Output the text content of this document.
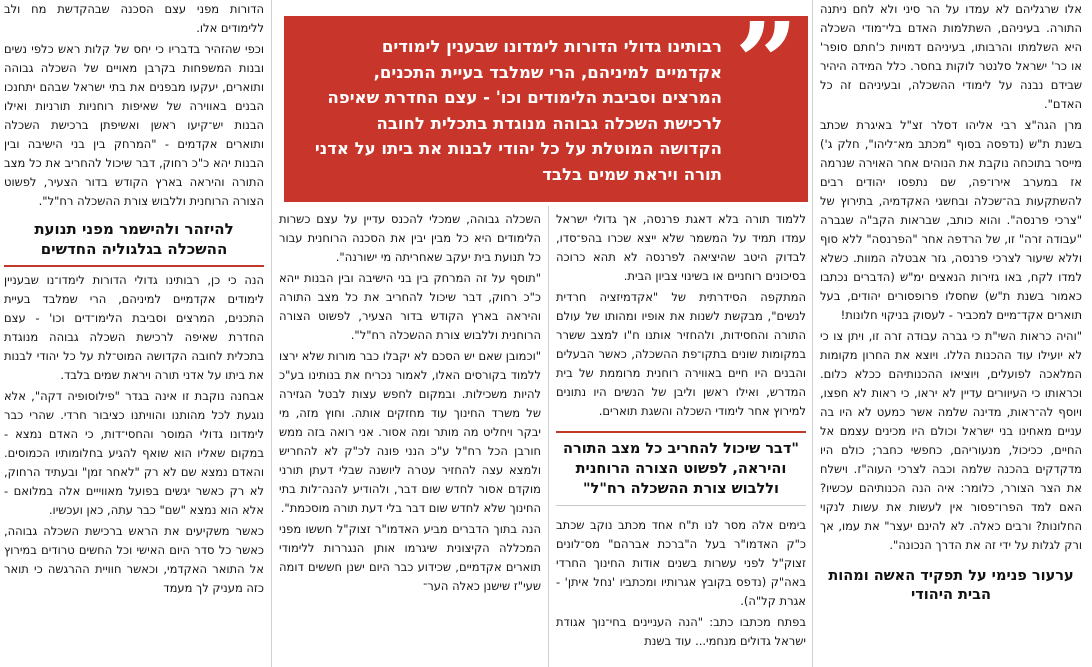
אלו שרגליהם לא עמדו על הר סיני ולא לחם ניתנה התורה. בעיניהם, השתלמות האדם בלי־מודי השכלה היא השלמתו והרבותו, בעיניהם דמויות כ'חתם סופר' או כר' ישראל סלנטר לוקות בחסר. כלל המידה היהיר שבידם נבנה על לימודי ההשכלה, ובעיניהם זה כל האדם".

מרן הגה"צ רבי אליהו דסלר זצ"ל באיגרת שכתב בשנת ת"ש (נדפסה בסוף "מכתב מא־ליהו", חלק ג') מייסר בתוכחה נוקבת את הנוהים אחר האוירה שנרמה אז במערב אירו־פה, שם נתפסו יהודים רבים להשתקעות בה־שכלה ובחשגי האקדמיה, בתירוץ של "צרכי פרנסה". והוא כותב, שבראות הקב"ה שגברה "עבודה זרה" זו, של הרדפה אחר "הפרנסה" ללא סוף וללא שיעור לצרכי פרנסה, גזר אבטלה המוות. כשלא למדו לקח, באו גזירות הנאצים ימ"ש (הדברים נכתבו כאמור בשנת ת"ש) שחסלו פרופסורים יהודים, בעל תוארים אקד־מיים למכביר - לעסוק בניקוי חלונות!

"והיה כראות השי"ת כי גברה עבודה זרה זו, ויתן צו כי לא יועילו עוד ההכנות הללו. ויוצא את החרון מקומות המלאכה לפועלים, ויוציאו ההכנותיהם ככלא כלום. וכראותו כי העיוורים עדיין לא יראו, כי ראות לא חפצו, ויוסף לה־ראות, מדינה שלמה אשר כמעט לא היו בה עניים מאחינו בני ישראל וכולם היו מכינים עצמם אל החיים, ככיכול, מנעוריהם, כחפשי כחבר; כולם היו מדקדקים בהכנה שלמה וכבה לצרכי העוה"ז. וישלח את הצר הצורר, כלומר: איה הנה הכנותיהם עכשיו? האם למד הפרו־פסור אין לעשות את עשות לנקוי החלונות? ורבים כאלה. לא להינם יעצר" את עמו, אך ורק לגלות על ידי זה את הדרך הנכונה".

ערעור פנימי על תפקיד האשה ומהות הבית היהודי
”
רבותינו גדולי הדורות לימדונו שבענין לימודים אקדמיים למיניהם, הרי שמלבד בעיית התכנים, המרצים וסביבת הלימודים וכו' - עצם החדרת שאיפה לרכישת השכלה גבוהה מנוגדת בתכלית לחובה הקדושה המוטלת על כל יהודי לבנות את ביתו על אדני תורה ויראת שמים בלבד

ללמוד תורה בלא דאגת פרנסה, אך גדולי ישראל עמדו תמיד על המשמר שלא ייצא שכרו בהפ־סדו, לבדוק היטב שהיציאה לפרנסה לא תהא כרוכה בסיכונים רוחניים או בשינוי צביון הבית.

המתקפה הסידרתית של "אקדמיזציה חרדית לנשים", מבקשת לשנות את אופיו ומהותו של עולם התורה והחסידות, ולהחזיר אותנו ח"ו למצב ששרר במקומות שונים בתקו־פת ההשכלה, כאשר הבעלים והבנים היו חיים באווירה רוחנית מרוממת של בית המדרש, ואילו ראשן וליבן של הנשים היו נתונים למירוץ אחר לימודי השכלה והשגת תוארים.

"דבר שיכול להחריב כל מצב התורה והיראה, לפשוט הצורה הרוחנית וללבוש צורת ההשכלה רח"ל"

בימים אלה מסר לנו ת"ח אחד מכתב נוקב שכתב כ"ק האדמו"ר בעל ה"ברכת אברהם" מס־לונים זצוק"ל לפני עשרות בשנים אודות החינוך החרדי באה"ק (נדפס בקובץ אגרותיו ומכתביו 'נחל איתן' - אגרת קל"ה).

בפתח מכתבו כתב: "הנה העניינים בחי־נוך אגודת ישראל גדולים מנחמי... עוד בשנת

השכלה גבוהה, שמכלי להכנס עדיין על עצם כשרות הלימודים היא כל מבין יבין את הסכנה הרוחנית עבור כל תנועת בית יעקב שאחריתה מי ישורנה".

"תוסף על זה המרחק בין בני הישיבה ובין הבנות ייהא כ"כ רחוק, דבר שיכול להחריב את כל מצב התורה והיראה בארץ הקודש בדור הצעיר, לפשוט הצורה הרוחנית וללבוש צורת ההשכלה רח"ל".

"וכמובן שאם יש הסכם לא יקבלו כבר מורות שלא ירצו ללמוד בקורסים האלו, לאמור נכריח את בנותינו בע"כ להיות משכילות. ובמקום לחפש עצות לבטל הגזירה של משרד החינוך עוד מחזקים אותה. וחוץ מזה, מי יבקר ויחליט מה מותר ומה אסור. אני רואה בזה ממש חורבן הכל רח"ל ע"כ הנני פונה לכ"ק לא להחריש ולמצא עצה להחזיר עטרה ליושנה שבלי דעתן תורני מוקדם אסור לחדש שום דבר, ולהודיע להנה־לות בתי החינוך שלא לחדש שום דבר בלי דעת תורה מוסכמת".

הנה בתוך הדברים מביע האדמו"ר זצוק"ל חששו מפני המכללה הקיצונית שיגרמו אותן הנגררות ללימודי תוארים אקדמיים, שכידוע כבר היום ישנן חששים דומה שעי"ז שישנן כאלה הער־

הדורות מפני עצם הסכנה שבהקדשת מח ולב ללימודים אלו.

וכפי שהזהיר בדבריו כי יחס של קלות ראש כלפי נשים ובנות המשפחות בקרבן מאויים של השכלה גבוהה ותוארים, יעקעו מבפנים את בתי ישראל שבהם יתחנכו הבנים באווירה של שאיפות רוחניות תורניות ואילו הבנות יש־קיעו ראשן ואשיפתן ברכישת השכלה ותוארים אקדמים - "המרחק בין בני הישיבה ובין הבנות יהא כ"כ רחוק, דבר שיכול להחריב את כל מצב התורה והיראה בארץ הקודש בדור הצעיר, לפשוט הצורה הרוחנית וללבוש צורת ההשכלה רח"ל".

להיזהר ולהישמר מפני תנועת ההשכלה בגלגוליה החדשים

הנה כי כן, רבותינו גדולי הדורות לימדו־נו שבעניין לימודים אקדמיים למיניהם, הרי שמלבד בעיית התכנים, המרצים וסביבת הלימו־דים וכו' - עצם החדרת שאיפה לרכישת השכלה גבוהה מנוגדת בתכלית לחובה הקדושה המוט־לת על כל יהודי לבנות את ביתו על אדני תורה ויראת שמים בלבד.

אבחנה נוקבת זו אינה בגדר "פילוסופיה דקה", אלא נוגעת לכל מהותנו והוויתנו כציבור חרדי. שהרי כבר לימדונו גדולי המוסר והחסי־דות, כי האדם נמצא - במקום שאליו הוא שואף להגיע בחלומותיו הכמוסים. והאדם נמצא שם לא רק "לאחר זמן" ובעתיד הרחוק, לא רק כאשר יגשים בפועל מאווייים אלה במלואם - אלא הוא נמצא "שם" כבר עתה, כאן ועכשיו.

כאשר משקיעים את הראש ברכישת השכלה גבוהה, כאשר כל סדר היום האישי וכל החשים טרודים במירוץ אל התואר האקדמי, וכאשר חוויית ההרגשה כי תואר כזה מעניק לך מעמד
